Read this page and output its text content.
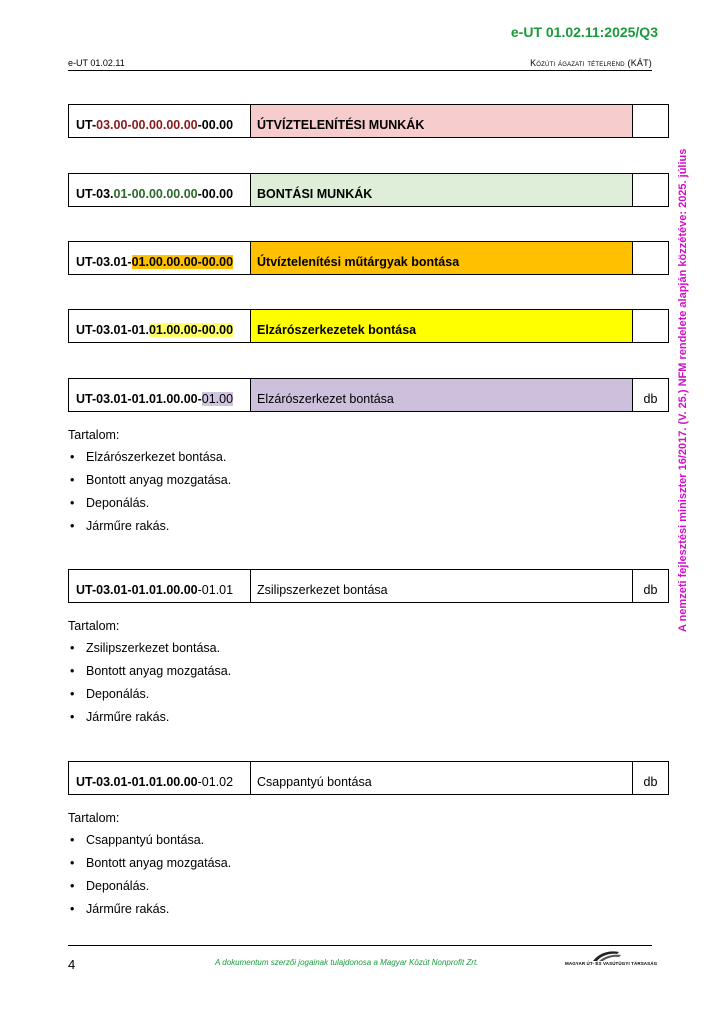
e-UT 01.02.11:2025/Q3
e-UT 01.02.11	Közúti ágazati tételrend (KÁT)
A nemzeti fejlesztési miniszter 16/2017. (V. 25.) NFM rendelete alapján közzétéve: 2025. július
UT- 03.00-00.00.00.00 -00.00	ÚTVÍZTELENÍTÉSI MUNKÁK
UT-03. 01-00.00.00.00 -00.00	BONTÁSI MUNKÁK
UT-03.01- 01.00.00.00 -00.00	Útvíztelenítési műtárgyak bontása
UT-03.01-01. 01.00.00 -00.00	Elzárószerkezetek bontása
UT-03.01-01.01.00.00- 01.00	Elzárószerkezet bontása	db
Tartalom:
• Elzárószerkezet bontása.
• Bontott anyag mozgatása.
• Deponálás.
• Járműre rakás.
UT-03.01-01.01.00.00 -01.01	Zsilipszerkezet bontása	db
Tartalom:
• Zsilipszerkezet bontása.
• Bontott anyag mozgatása.
• Deponálás.
• Járműre rakás.
UT-03.01-01.01.00.00 -01.02	Csappantyú bontása	db
Tartalom:
• Csappantyú bontása.
• Bontott anyag mozgatása.
• Deponálás.
• Járműre rakás.
4	A dokumentum szerzői jogainak tulajdonosa a Magyar Közút Nonprofit Zrt.	MAGYAR ÚT- ÉS VASÚTÜGYI TÁRSASÁG
